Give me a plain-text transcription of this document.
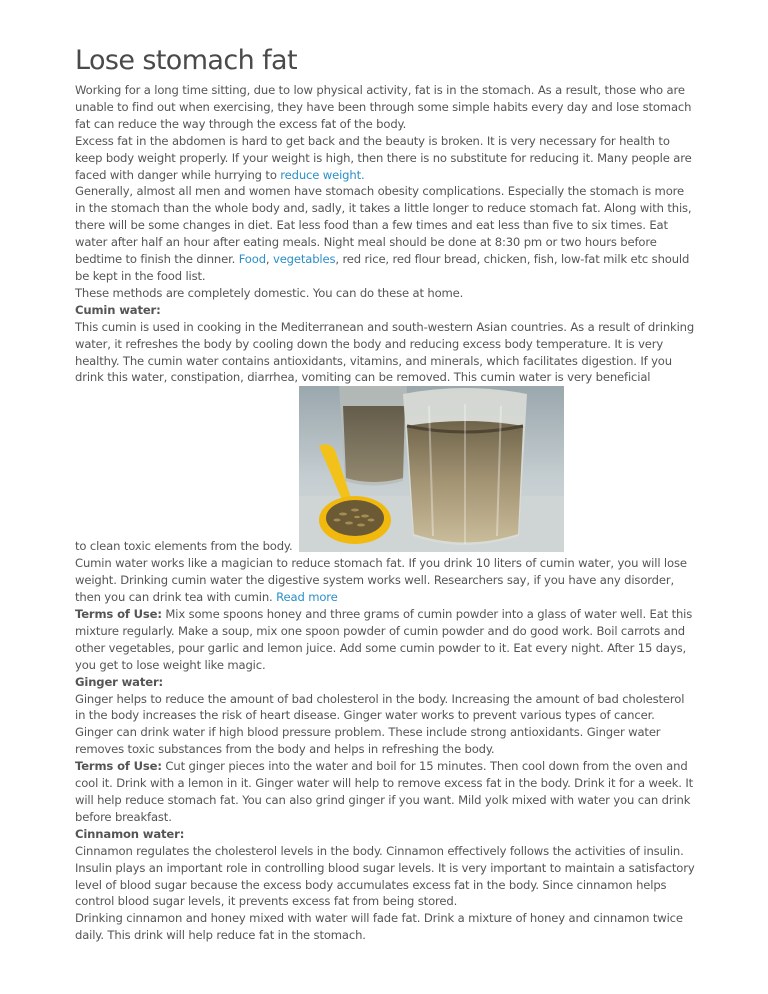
Lose stomach fat

Working for a long time sitting, due to low physical activity, fat is in the stomach. As a result, those who are unable to find out when exercising, they have been through some simple habits every day and lose stomach fat can reduce the way through the excess fat of the body.

Excess fat in the abdomen is hard to get back and the beauty is broken. It is very necessary for health to keep body weight properly. If your weight is high, then there is no substitute for reducing it. Many people are faced with danger while hurrying to reduce weight.

Generally, almost all men and women have stomach obesity complications. Especially the stomach is more in the stomach than the whole body and, sadly, it takes a little longer to reduce stomach fat. Along with this, there will be some changes in diet. Eat less food than a few times and eat less than five to six times. Eat water after half an hour after eating meals. Night meal should be done at 8:30 pm or two hours before bedtime to finish the dinner. Food, vegetables, red rice, red flour bread, chicken, fish, low-fat milk etc should be kept in the food list.

These methods are completely domestic. You can do these at home.

Cumin water:

This cumin is used in cooking in the Mediterranean and south-western Asian countries. As a result of drinking water, it refreshes the body by cooling down the body and reducing excess body temperature. It is very healthy. The cumin water contains antioxidants, vitamins, and minerals, which facilitates digestion. If you drink this water, constipation, diarrhea, vomiting can be removed. This cumin water is very beneficial

to clean toxic elements from the body.

Cumin water works like a magician to reduce stomach fat. If you drink 10 liters of cumin water, you will lose weight. Drinking cumin water the digestive system works well. Researchers say, if you have any disorder, then you can drink tea with cumin. Read more

Terms of Use: Mix some spoons honey and three grams of cumin powder into a glass of water well. Eat this mixture regularly. Make a soup, mix one spoon powder of cumin powder and do good work. Boil carrots and other vegetables, pour garlic and lemon juice. Add some cumin powder to it. Eat every night. After 15 days, you get to lose weight like magic.

Ginger water:

Ginger helps to reduce the amount of bad cholesterol in the body. Increasing the amount of bad cholesterol in the body increases the risk of heart disease. Ginger water works to prevent various types of cancer. Ginger can drink water if high blood pressure problem. These include strong antioxidants. Ginger water removes toxic substances from the body and helps in refreshing the body.

Terms of Use: Cut ginger pieces into the water and boil for 15 minutes. Then cool down from the oven and cool it. Drink with a lemon in it. Ginger water will help to remove excess fat in the body. Drink it for a week. It will help reduce stomach fat. You can also grind ginger if you want. Mild yolk mixed with water you can drink before breakfast.

Cinnamon water:

Cinnamon regulates the cholesterol levels in the body. Cinnamon effectively follows the activities of insulin. Insulin plays an important role in controlling blood sugar levels. It is very important to maintain a satisfactory level of blood sugar because the excess body accumulates excess fat in the body. Since cinnamon helps control blood sugar levels, it prevents excess fat from being stored.

Drinking cinnamon and honey mixed with water will fade fat. Drink a mixture of honey and cinnamon twice daily. This drink will help reduce fat in the stomach.
